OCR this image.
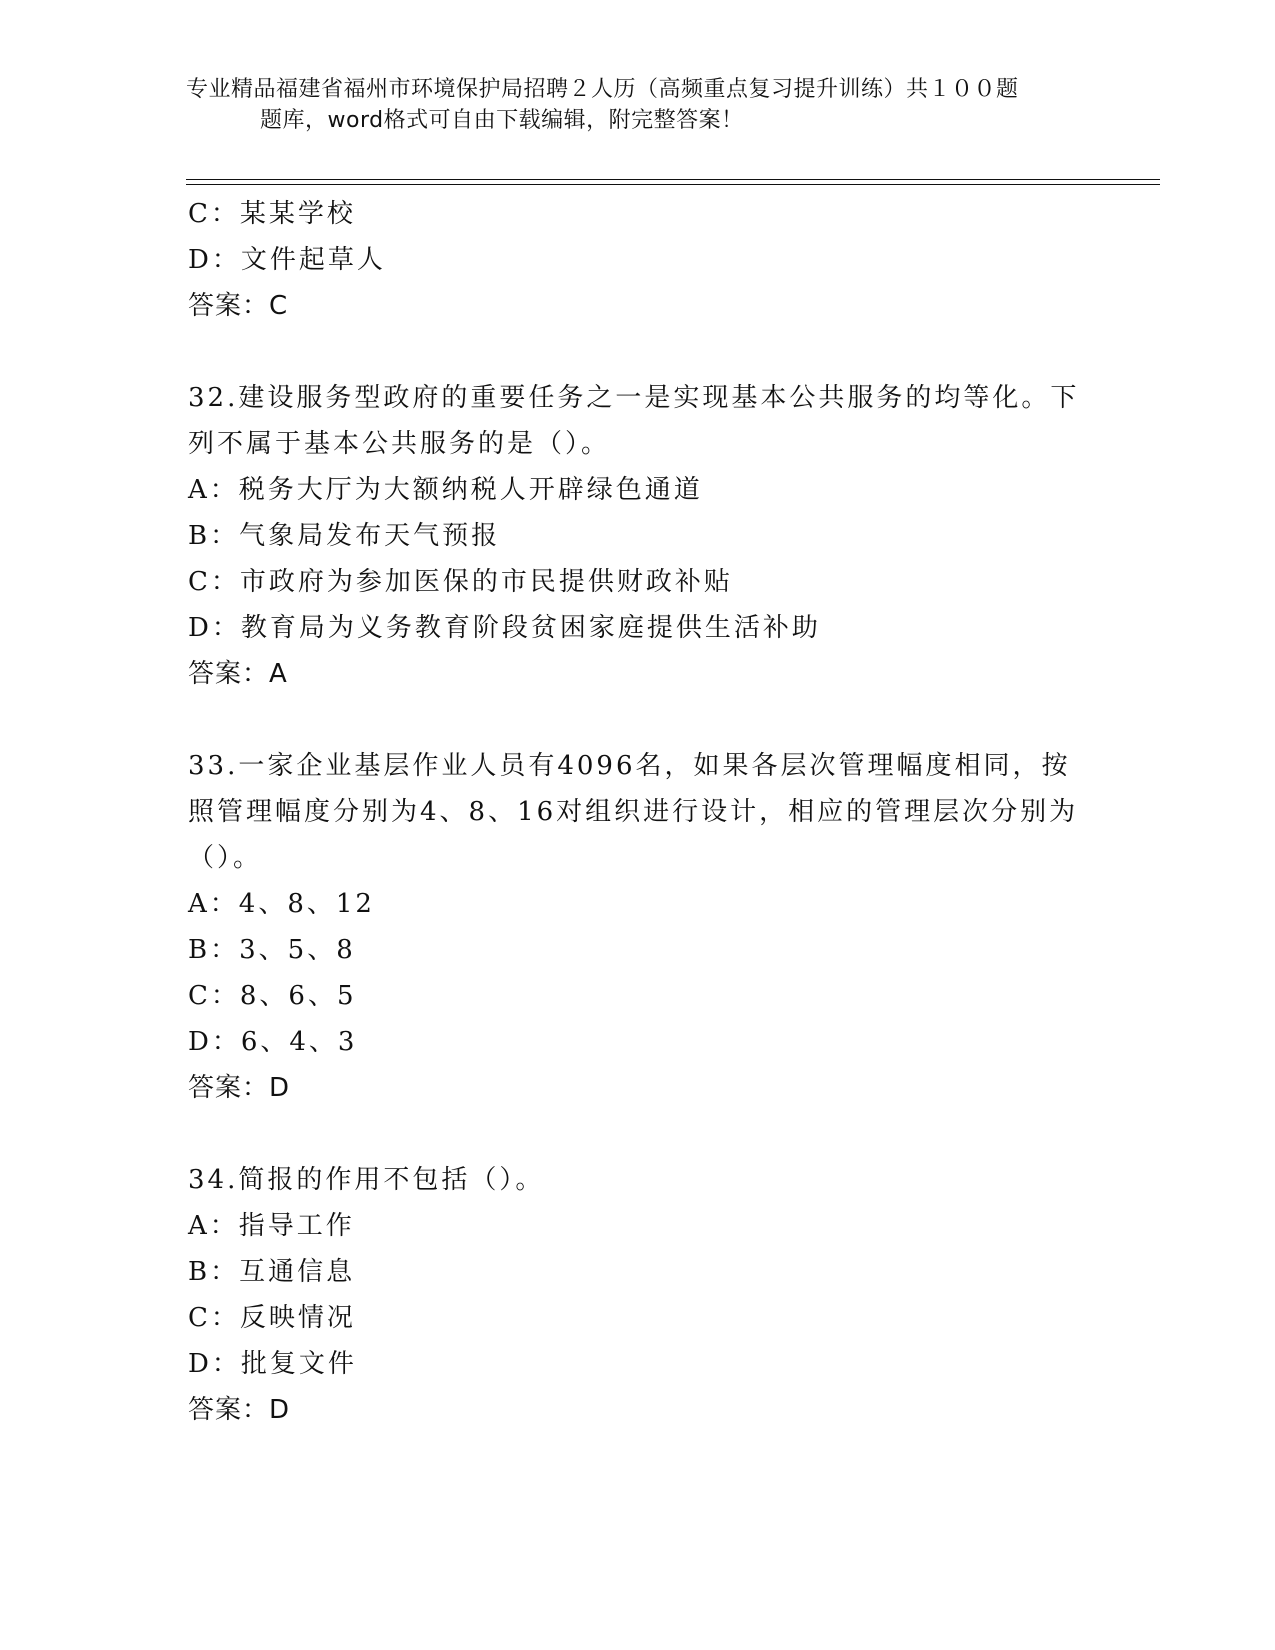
专业精品福建省福州市环境保护局招聘２人历（高频重点复习提升训练）共１００题
题库，word格式可自由下载编辑，附完整答案！
C：某某学校
D：文件起草人
答案：C
32.建设服务型政府的重要任务之一是实现基本公共服务的均等化。下
列不属于基本公共服务的是（）。
A：税务大厅为大额纳税人开辟绿色通道
B：气象局发布天气预报
C：市政府为参加医保的市民提供财政补贴
D：教育局为义务教育阶段贫困家庭提供生活补助
答案：A
33.一家企业基层作业人员有4096名，如果各层次管理幅度相同，按
照管理幅度分别为4、8、16对组织进行设计，相应的管理层次分别为
（）。
A：4、8、12
B：3、5、8
C：8、6、5
D：6、4、3
答案：D
34.简报的作用不包括（）。
A：指导工作
B：互通信息
C：反映情况
D：批复文件
答案：D
